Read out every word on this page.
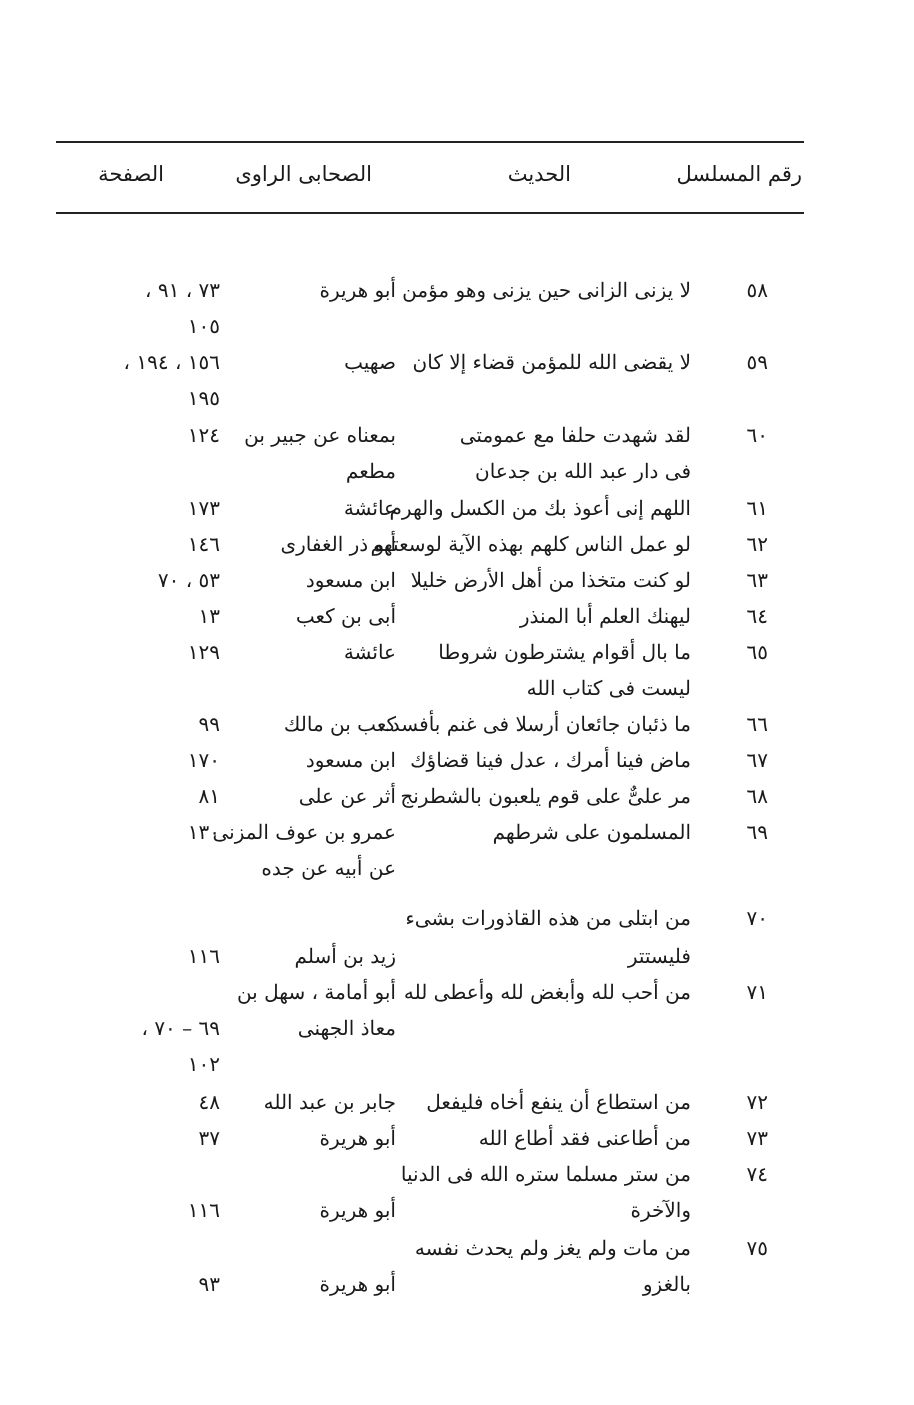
رقم المسلسل
الحديث
الصحابى الراوى
الصفحة
٥٨
لا يزنى الزانى حين يزنى وهو مؤمن
أبو هريرة
٧٣ ، ٩١ ،
١٠٥
٥٩
لا يقضى الله للمؤمن قضاء إلا كان
صهيب
١٥٦ ، ١٩٤ ،
١٩٥
٦٠
لقد شهدت حلفا مع عمومتى
فى دار عبد الله بن جدعان
بمعناه عن جبير بن
مطعم
١٢٤
٦١
اللهم إنى أعوذ بك من الكسل والهرم
عائشة
١٧٣
٦٢
لو عمل الناس كلهم بهذه الآية لوسعتهم
أبو ذر الغفارى
١٤٦
٦٣
لو كنت متخذا من أهل الأرض خليلا
ابن مسعود
٥٣ ، ٧٠
٦٤
ليهنك العلم أبا المنذر
أبى بن كعب
١٣
٦٥
ما بال أقوام يشترطون شروطا
ليست فى كتاب الله
عائشة
١٢٩
٦٦
ما ذئبان جائعان أرسلا فى غنم بأفسد..
كعب بن مالك
٩٩
٦٧
ماض فينا أمرك ، عدل فينا قضاؤك
ابن مسعود
١٧٠
٦٨
مر علىٌّ على قوم يلعبون بالشطرنج
أثر عن على
٨١
٦٩
المسلمون على شرطهم
عمرو بن عوف المزنى
عن أبيه عن جده
١٣٠
٧٠
من ابتلى من هذه القاذورات بشىء
فليستتر
زيد بن أسلم
١١٦
٧١
من أحب لله وأبغض لله وأعطى لله
أبو أمامة ، سهل بن
معاذ الجهنى
٦٩ – ٧٠ ،
١٠٢
٧٢
من استطاع أن ينفع أخاه فليفعل
جابر بن عبد الله
٤٨
٧٣
من أطاعنى فقد أطاع الله
أبو هريرة
٣٧
٧٤
من ستر مسلما ستره الله فى الدنيا
والآخرة
أبو هريرة
١١٦
٧٥
من مات ولم يغز ولم يحدث نفسه
بالغزو
أبو هريرة
٩٣
